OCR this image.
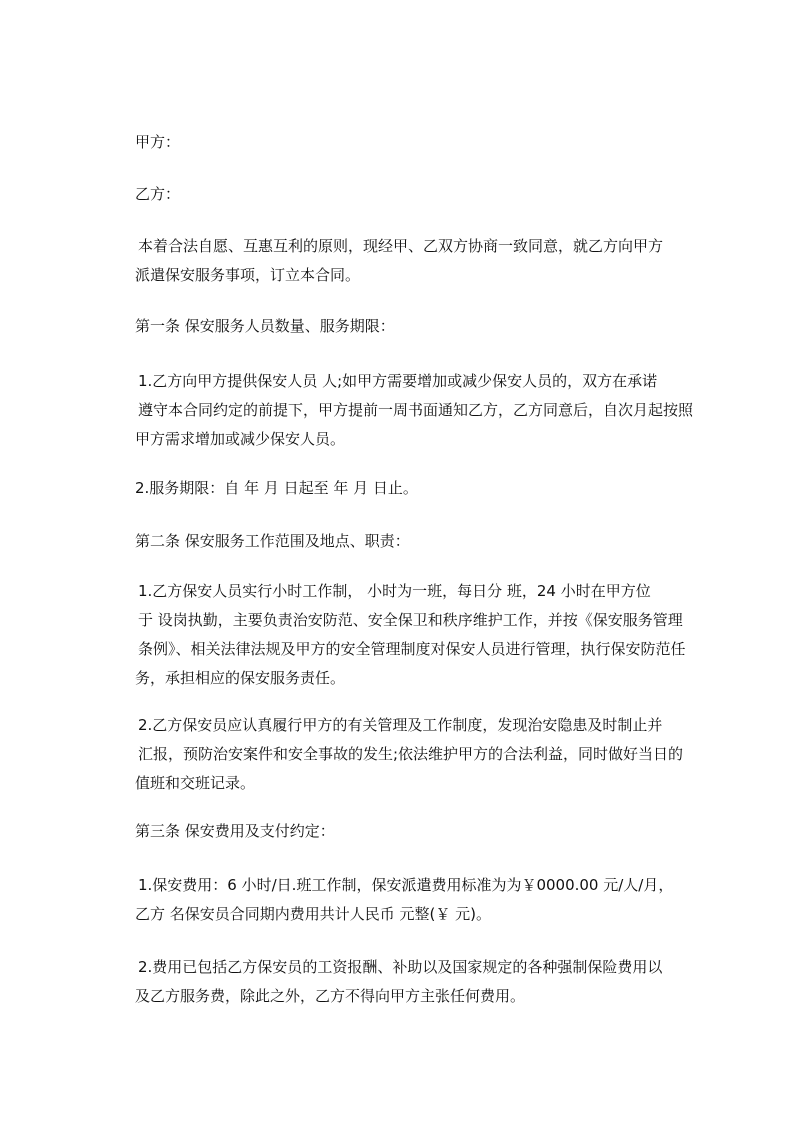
甲方：

乙方：

本着合法自愿、互惠互利的原则，现经甲、乙双方协商一致同意，就乙方向甲方
派遣保安服务事项，订立本合同。

第一条 保安服务人员数量、服务期限：

1.乙方向甲方提供保安人员 人;如甲方需要增加或减少保安人员的，双方在承诺
遵守本合同约定的前提下，甲方提前一周书面通知乙方，乙方同意后，自次月起按照
甲方需求增加或减少保安人员。

2.服务期限：自 年 月 日起至 年 月 日止。

第二条 保安服务工作范围及地点、职责：

1.乙方保安人员实行小时工作制， 小时为一班，每日分 班，24 小时在甲方位
于 设岗执勤，主要负责治安防范、安全保卫和秩序维护工作，并按《保安服务管理
条例》、相关法律法规及甲方的安全管理制度对保安人员进行管理，执行保安防范任
务，承担相应的保安服务责任。

2.乙方保安员应认真履行甲方的有关管理及工作制度，发现治安隐患及时制止并
汇报，预防治安案件和安全事故的发生;依法维护甲方的合法利益，同时做好当日的
值班和交班记录。

第三条 保安费用及支付约定：

1.保安费用：6 小时/日.班工作制，保安派遣费用标准为为￥0000.00 元/人/月，
乙方 名保安员合同期内费用共计人民币 元整(￥ 元)。

2.费用已包括乙方保安员的工资报酬、补助以及国家规定的各种强制保险费用以
及乙方服务费，除此之外，乙方不得向甲方主张任何费用。
